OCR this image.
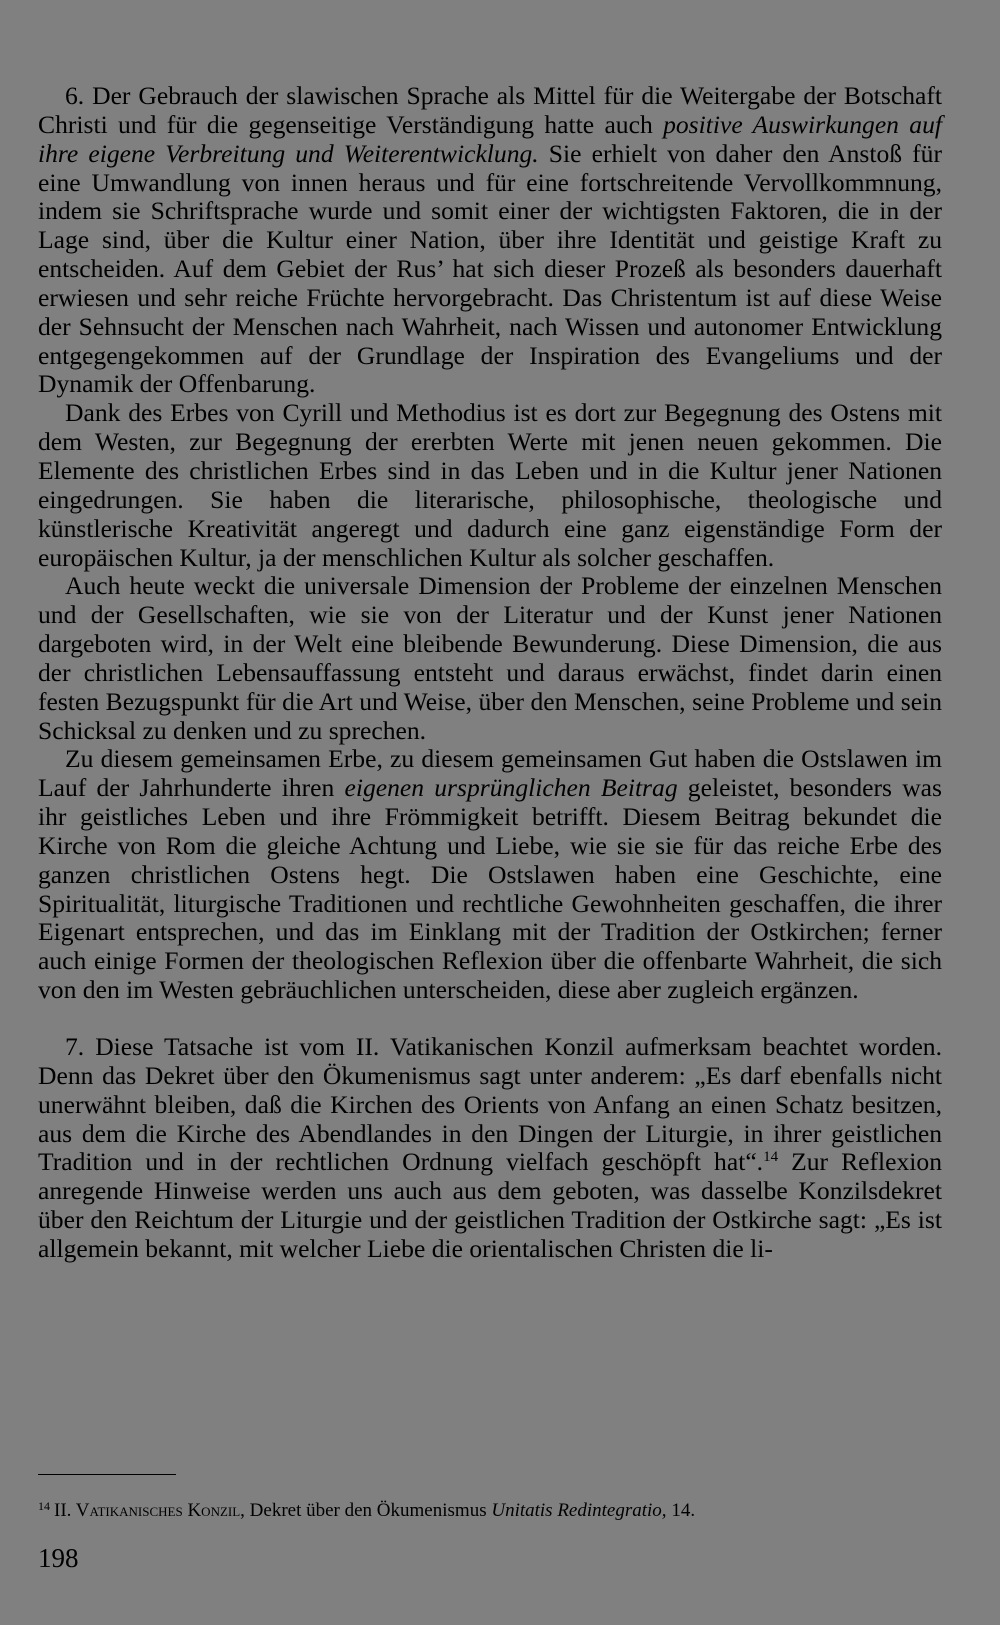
6. Der Gebrauch der slawischen Sprache als Mittel für die Weitergabe der Botschaft Christi und für die gegenseitige Verständigung hatte auch positive Auswirkungen auf ihre eigene Verbreitung und Weiterentwicklung. Sie erhielt von daher den Anstoß für eine Umwandlung von innen heraus und für eine fortschreitende Vervollkommnung, indem sie Schriftsprache wurde und somit einer der wichtigsten Faktoren, die in der Lage sind, über die Kultur einer Nation, über ihre Identität und geistige Kraft zu entscheiden. Auf dem Gebiet der Rus’ hat sich dieser Prozeß als besonders dauerhaft erwiesen und sehr reiche Früchte hervorgebracht. Das Christentum ist auf diese Weise der Sehnsucht der Menschen nach Wahrheit, nach Wissen und autonomer Entwicklung entgegengekommen auf der Grundlage der Inspiration des Evangeliums und der Dynamik der Offenbarung.

Dank des Erbes von Cyrill und Methodius ist es dort zur Begegnung des Ostens mit dem Westen, zur Begegnung der ererbten Werte mit jenen neuen gekommen. Die Elemente des christlichen Erbes sind in das Leben und in die Kultur jener Nationen eingedrungen. Sie haben die literarische, philosophische, theologische und künstlerische Kreativität angeregt und dadurch eine ganz eigenständige Form der europäischen Kultur, ja der menschlichen Kultur als solcher geschaffen.

Auch heute weckt die universale Dimension der Probleme der einzelnen Menschen und der Gesellschaften, wie sie von der Literatur und der Kunst jener Nationen dargeboten wird, in der Welt eine bleibende Bewunderung. Diese Dimension, die aus der christlichen Lebensauffassung entsteht und daraus erwächst, findet darin einen festen Bezugspunkt für die Art und Weise, über den Menschen, seine Probleme und sein Schicksal zu denken und zu sprechen.

Zu diesem gemeinsamen Erbe, zu diesem gemeinsamen Gut haben die Ostslawen im Lauf der Jahrhunderte ihren eigenen ursprünglichen Beitrag geleistet, besonders was ihr geistliches Leben und ihre Frömmigkeit betrifft. Diesem Beitrag bekundet die Kirche von Rom die gleiche Achtung und Liebe, wie sie sie für das reiche Erbe des ganzen christlichen Ostens hegt. Die Ostslawen haben eine Geschichte, eine Spiritualität, liturgische Traditionen und rechtliche Gewohnheiten geschaffen, die ihrer Eigenart entsprechen, und das im Einklang mit der Tradition der Ostkirchen; ferner auch einige Formen der theologischen Reflexion über die offenbarte Wahrheit, die sich von den im Westen gebräuchlichen unterscheiden, diese aber zugleich ergänzen.

7. Diese Tatsache ist vom II. Vatikanischen Konzil aufmerksam beachtet worden. Denn das Dekret über den Ökumenismus sagt unter anderem: „Es darf ebenfalls nicht unerwähnt bleiben, daß die Kirchen des Orients von Anfang an einen Schatz besitzen, aus dem die Kirche des Abendlandes in den Dingen der Liturgie, in ihrer geistlichen Tradition und in der rechtlichen Ordnung vielfach geschöpft hat“.$^{14}$ Zur Reflexion anregende Hinweise werden uns auch aus dem geboten, was dasselbe Konzilsdekret über den Reichtum der Liturgie und der geistlichen Tradition der Ostkirche sagt: „Es ist allgemein bekannt, mit welcher Liebe die orientalischen Christen die li-

$^{14}$ II. Vatikanisches Konzil, Dekret über den Ökumenismus Unitatis Redintegratio, 14.
198
